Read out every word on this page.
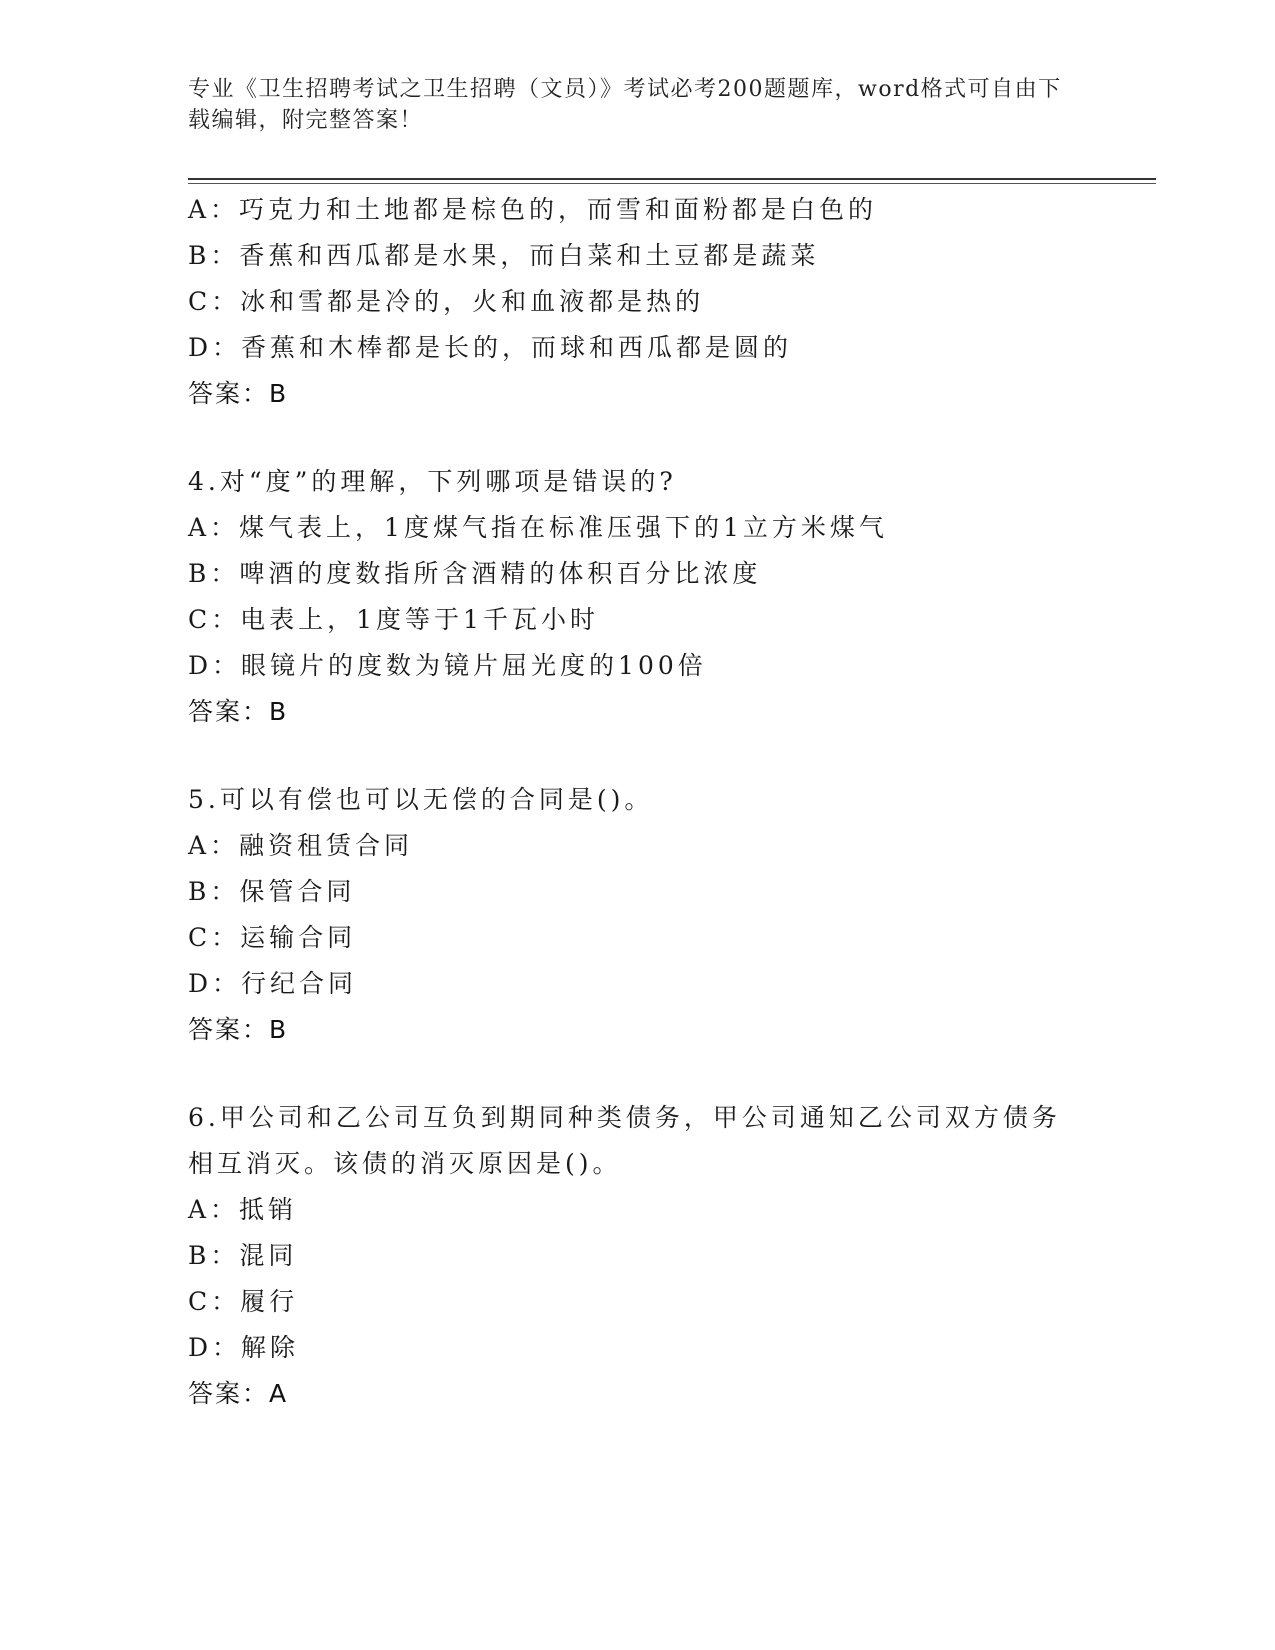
专业《卫生招聘考试之卫生招聘（文员）》考试必考200题题库，word格式可自由下载编辑，附完整答案！
A：巧克力和土地都是棕色的，而雪和面粉都是白色的
B：香蕉和西瓜都是水果，而白菜和土豆都是蔬菜
C：冰和雪都是冷的，火和血液都是热的
D：香蕉和木棒都是长的，而球和西瓜都是圆的
答案：B
4.对“度”的理解，下列哪项是错误的?
A：煤气表上，1度煤气指在标准压强下的1立方米煤气
B：啤酒的度数指所含酒精的体积百分比浓度
C：电表上，1度等于1千瓦小时
D：眼镜片的度数为镜片屈光度的100倍
答案：B
5.可以有偿也可以无偿的合同是()。
A：融资租赁合同
B：保管合同
C：运输合同
D：行纪合同
答案：B
6.甲公司和乙公司互负到期同种类债务，甲公司通知乙公司双方债务相互消灭。该债的消灭原因是()。
A：抵销
B：混同
C：履行
D：解除
答案：A
